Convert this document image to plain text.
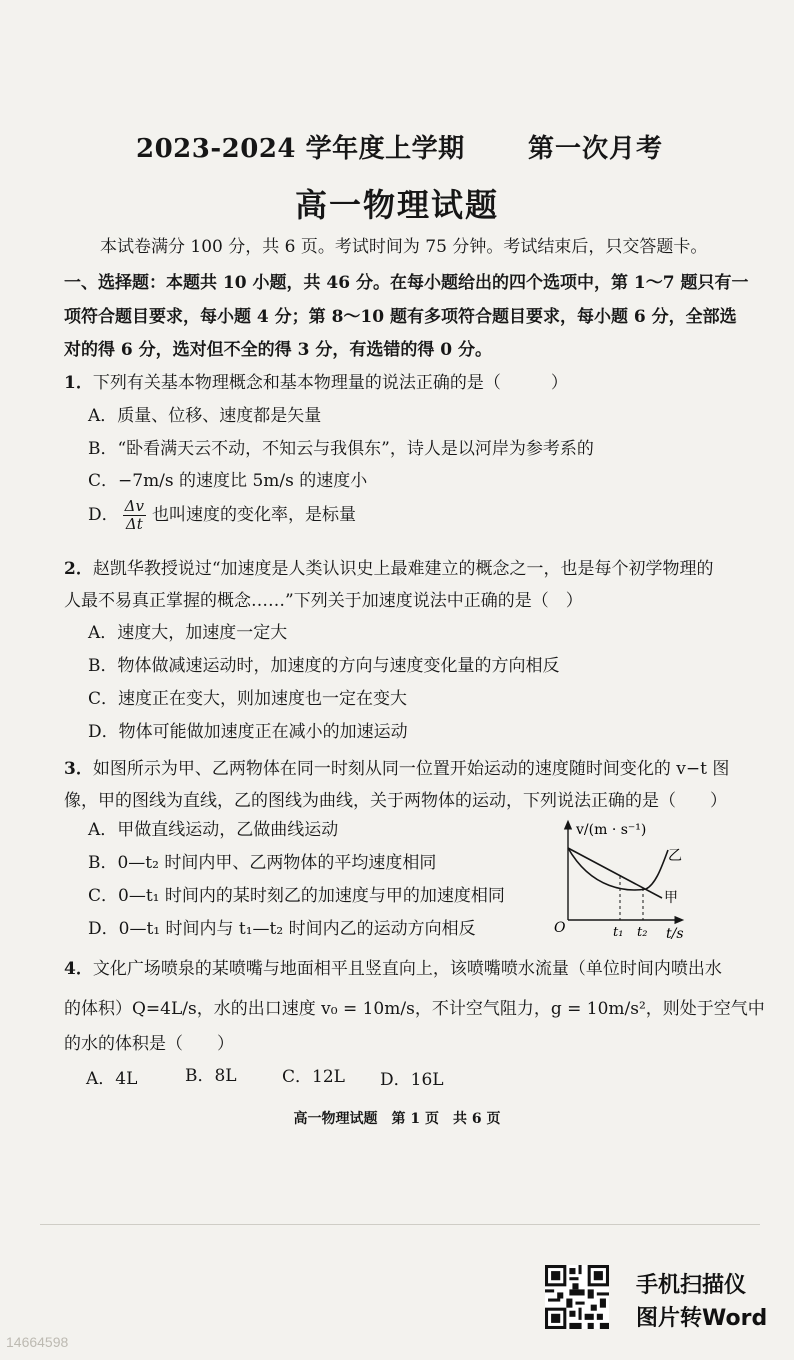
2023-2024 学年度上学期 第一次月考
高一物理试题
本试卷满分 100 分，共 6 页。考试时间为 75 分钟。考试结束后，只交答题卡。
一、选择题：本题共 10 小题，共 46 分。在每小题给出的四个选项中，第 1～7 题只有一
项符合题目要求，每小题 4 分；第 8～10 题有多项符合题目要求，每小题 6 分，全部选
对的得 6 分，选对但不全的得 3 分，有选错的得 0 分。
1．下列有关基本物理概念和基本物理量的说法正确的是（	）
A．质量、位移、速度都是矢量
B．“卧看满天云不动，不知云与我俱东”，诗人是以河岸为参考系的
C．−7m/s 的速度比 5m/s 的速度小
D． $\frac{\Delta v}{\Delta t}$ 也叫速度的变化率，是标量
2．赵凯华教授说过“加速度是人类认识史上最难建立的概念之一，也是每个初学物理的
人最不易真正掌握的概念……”下列关于加速度说法中正确的是（　）
A．速度大，加速度一定大
B．物体做减速运动时，加速度的方向与速度变化量的方向相反
C．速度正在变大，则加速度也一定在变大
D．物体可能做加速度正在减小的加速运动
3．如图所示为甲、乙两物体在同一时刻从同一位置开始运动的速度随时间变化的 v−t 图
像，甲的图线为直线，乙的图线为曲线，关于两物体的运动，下列说法正确的是（　　）
A．甲做直线运动，乙做曲线运动
B．0—t₂ 时间内甲、乙两物体的平均速度相同
C．0—t₁ 时间内的某时刻乙的加速度与甲的加速度相同
D．0—t₁ 时间内与 t₁—t₂ 时间内乙的运动方向相反
v/(m · s⁻¹)
乙
甲
O	t₁ t₂ t/s
4．文化广场喷泉的某喷嘴与地面相平且竖直向上，该喷嘴喷水流量（单位时间内喷出水
的体积）Q=4L/s，水的出口速度 v₀ = 10m/s，不计空气阻力，g = 10m/s²，则处于空气中
的水的体积是（　　）
A．4L	B．8L	C．12L D．16L
高一物理试题　第 1 页　共 6 页
手机扫描仪
图片转Word
14664598
